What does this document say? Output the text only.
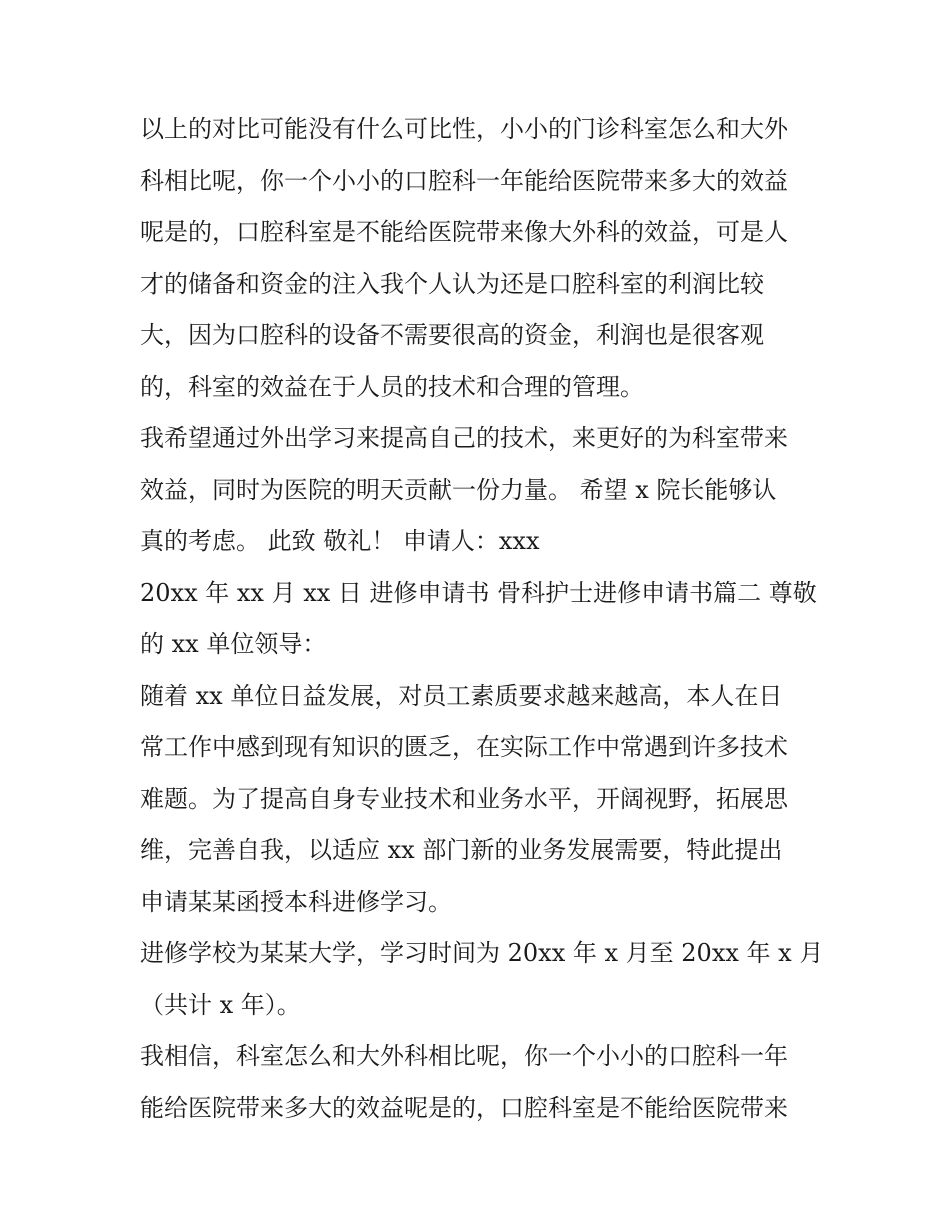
以上的对比可能没有什么可比性，小小的门诊科室怎么和大外
科相比呢，你一个小小的口腔科一年能给医院带来多大的效益
呢是的，口腔科室是不能给医院带来像大外科的效益，可是人
才的储备和资金的注入我个人认为还是口腔科室的利润比较
大，因为口腔科的设备不需要很高的资金，利润也是很客观
的，科室的效益在于人员的技术和合理的管理。
我希望通过外出学习来提高自己的技术，来更好的为科室带来
效益，同时为医院的明天贡献一份力量。 希望 x 院长能够认
真的考虑。 此致 敬礼！ 申请人：xxx
20xx 年 xx 月 xx 日 进修申请书 骨科护士进修申请书篇二 尊敬
的 xx 单位领导：
随着 xx 单位日益发展，对员工素质要求越来越高，本人在日
常工作中感到现有知识的匮乏，在实际工作中常遇到许多技术
难题。为了提高自身专业技术和业务水平，开阔视野，拓展思
维，完善自我，以适应 xx 部门新的业务发展需要，特此提出
申请某某函授本科进修学习。
进修学校为某某大学，学习时间为 20xx 年 x 月至 20xx 年 x 月
（共计 x 年）。
我相信，科室怎么和大外科相比呢，你一个小小的口腔科一年
能给医院带来多大的效益呢是的，口腔科室是不能给医院带来
